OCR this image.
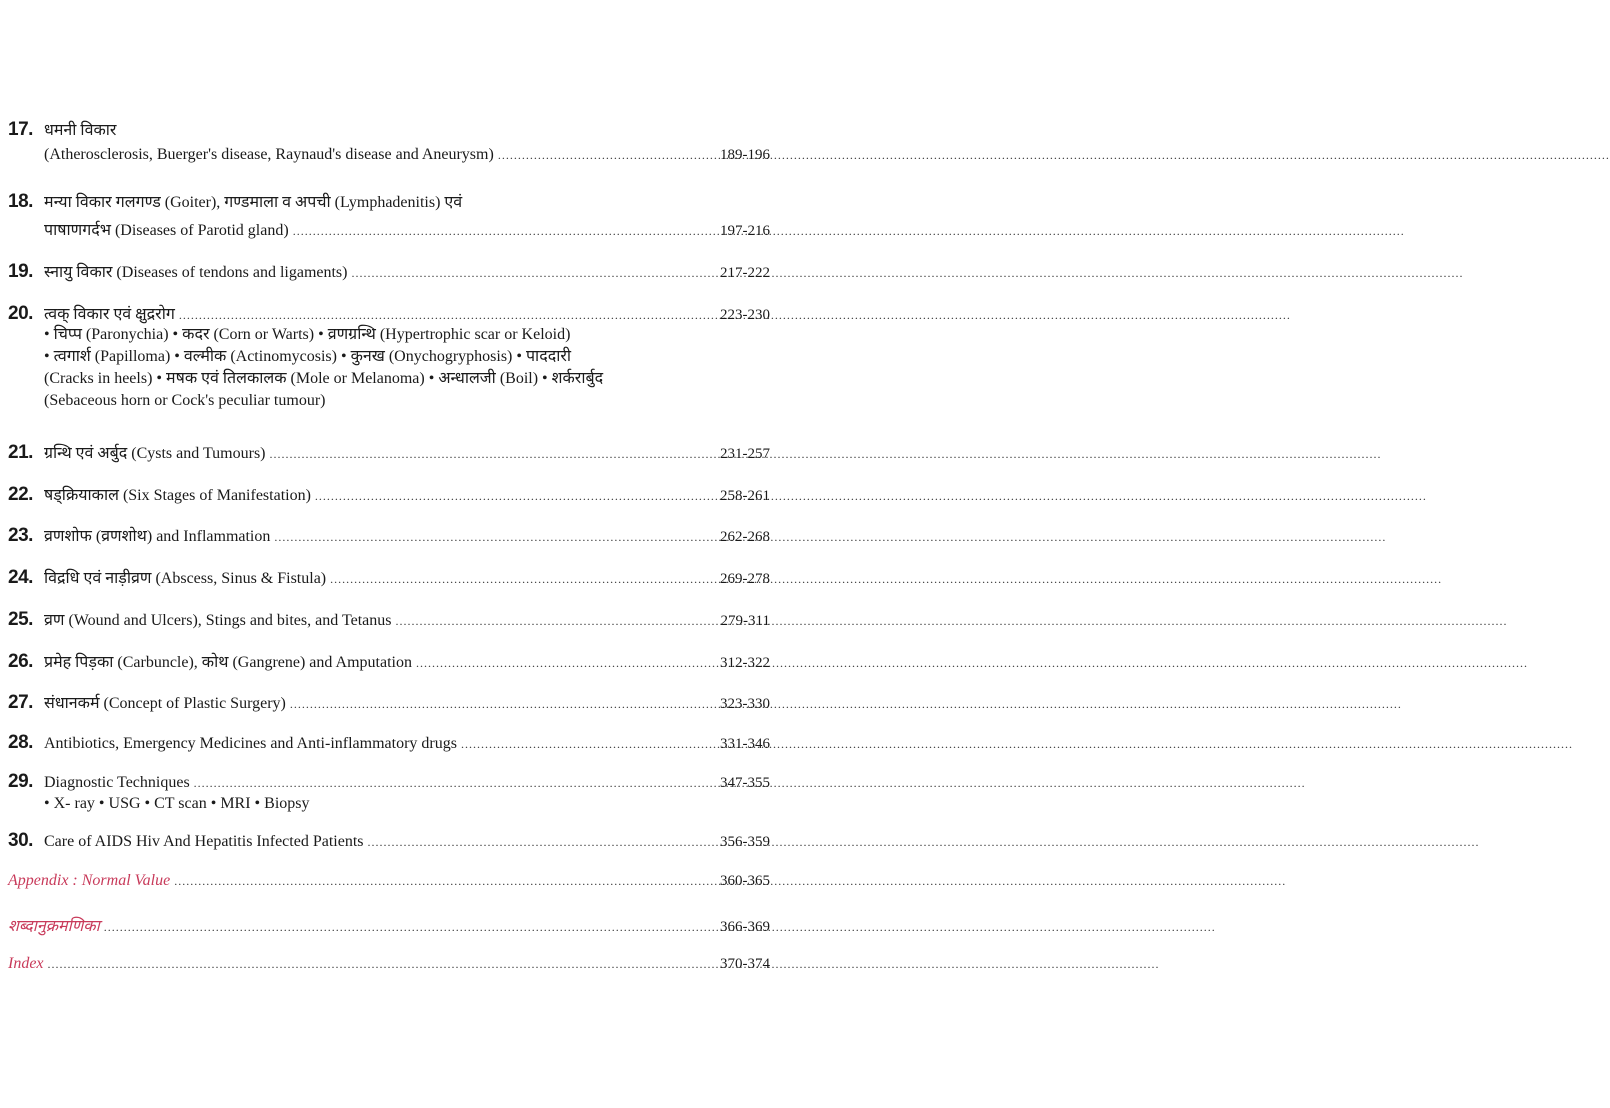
17. धमनी विकार
(Atherosclerosis, Buerger's disease, Raynaud's disease and Aneurysm) .....	189-196
18. मन्या विकार गलगण्ड (Goiter), गण्डमाला व अपची (Lymphadenitis) एवं
पाषाणगर्दभ (Diseases of Parotid gland) .....	197-216
19. स्नायु विकार (Diseases of tendons and ligaments) .....	217-222
20. त्वक् विकार एवं क्षुद्ररोग .....	223-230
• चिप्प (Paronychia) • कदर (Corn or Warts) • व्रणग्रन्थि (Hypertrophic scar or Keloid)
• त्वगार्श (Papilloma) • वल्मीक (Actinomycosis) • कुनख (Onychogryphosis) • पाददारी
(Cracks in heels) • मषक एवं तिलकालक (Mole or Melanoma) • अन्धालजी (Boil) • शर्करार्बुद
(Sebaceous horn or Cock's peculiar tumour)
21. ग्रन्थि एवं अर्बुद (Cysts and Tumours) .....	231-257
22. षड्क्रियाकाल (Six Stages of Manifestation) .....	258-261
23. व्रणशोफ (व्रणशोथ) and Inflammation .....	262-268
24. विद्रधि एवं नाड़ीव्रण (Abscess, Sinus & Fistula) .....	269-278
25. व्रण (Wound and Ulcers), Stings and bites, and Tetanus .....	279-311
26. प्रमेह पिड़का (Carbuncle), कोथ (Gangrene) and Amputation .....	312-322
27. संधानकर्म (Concept of Plastic Surgery) .....	323-330
28. Antibiotics, Emergency Medicines and Anti-inflammatory drugs .....	331-346
29. Diagnostic Techniques .....	347-355
• X- ray • USG • CT scan • MRI • Biopsy
30. Care of AIDS Hiv And Hepatitis Infected Patients .....	356-359
Appendix : Normal Value .....	360-365
शब्दानुक्रमणिका .....	366-369
Index .....	370-374
